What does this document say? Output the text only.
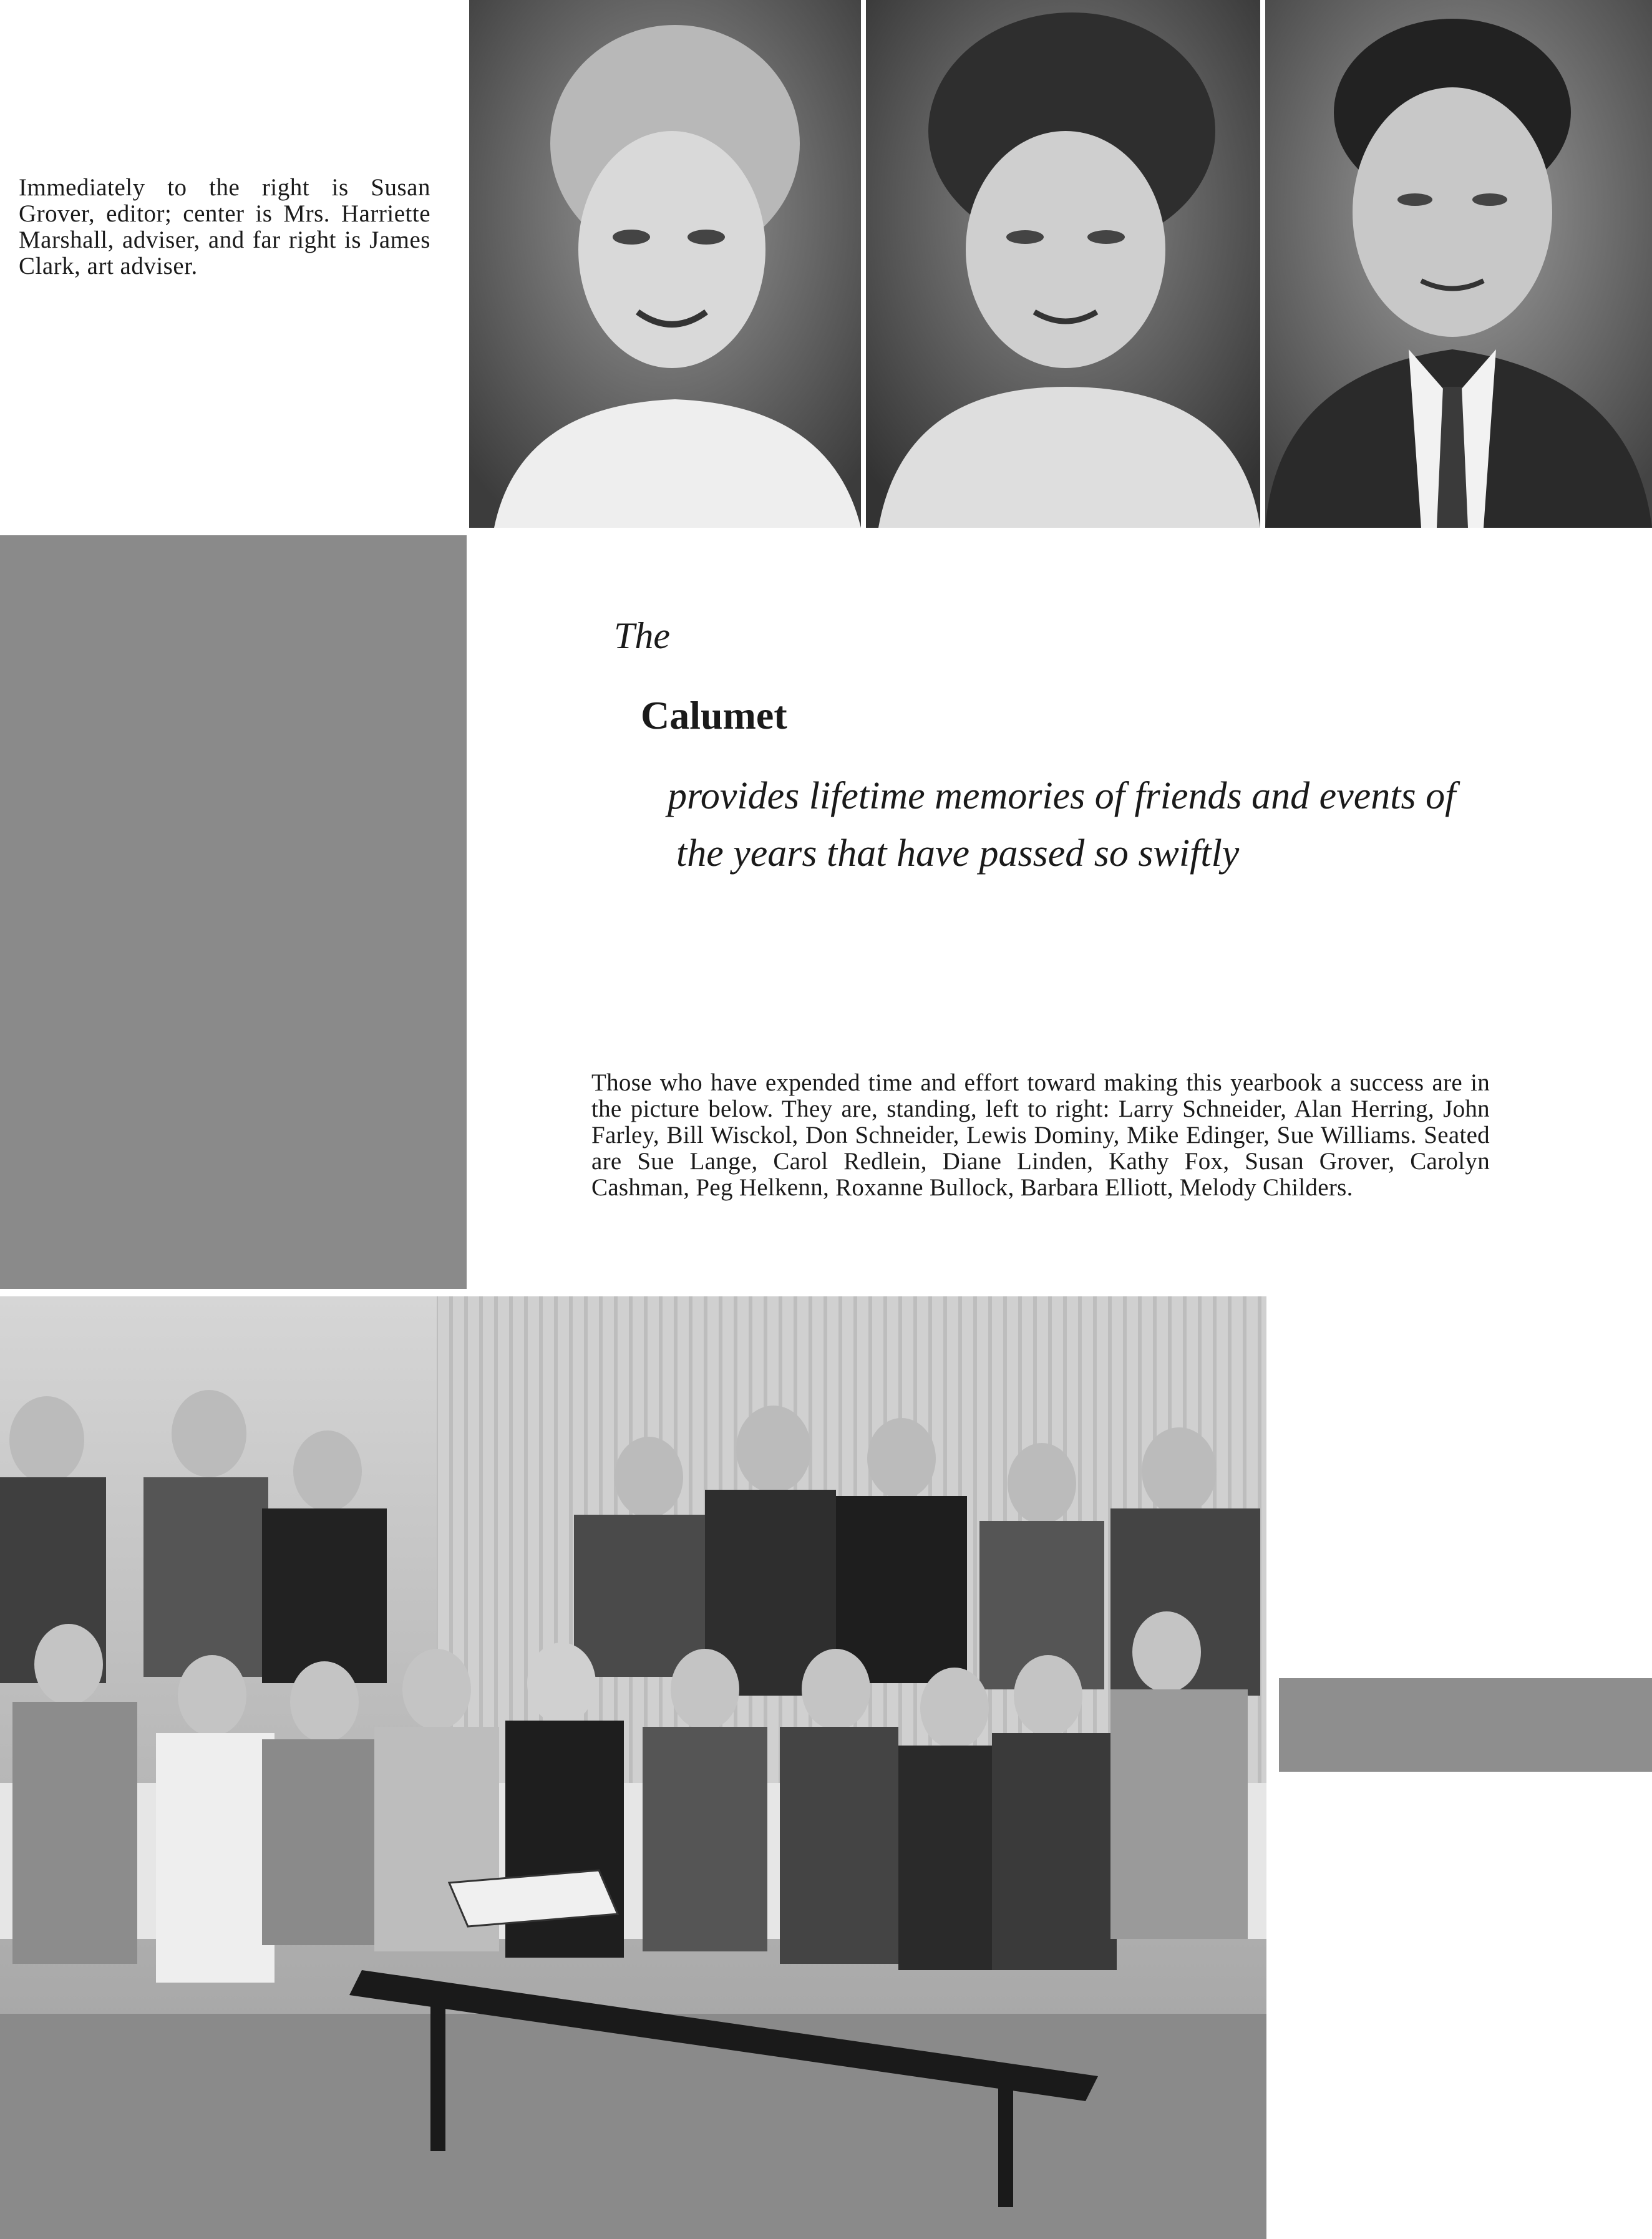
Immediately to the right is Susan Grover, editor; center is Mrs. Harriette Marshall, adviser, and far right is James Clark, art adviser.
The
Calumet
provides lifetime memories of friends and events of
the years that have passed so swiftly
Those who have expended time and effort toward making this yearbook a success are in the picture below. They are, standing, left to right: Larry Schneider, Alan Herring, John Farley, Bill Wisckol, Don Schneider, Lewis Dominy, Mike Edinger, Sue Williams. Seated are Sue Lange, Carol Redlein, Diane Linden, Kathy Fox, Susan Grover, Carolyn Cashman, Peg Helkenn, Roxanne Bullock, Barbara Elliott, Melody Childers.
